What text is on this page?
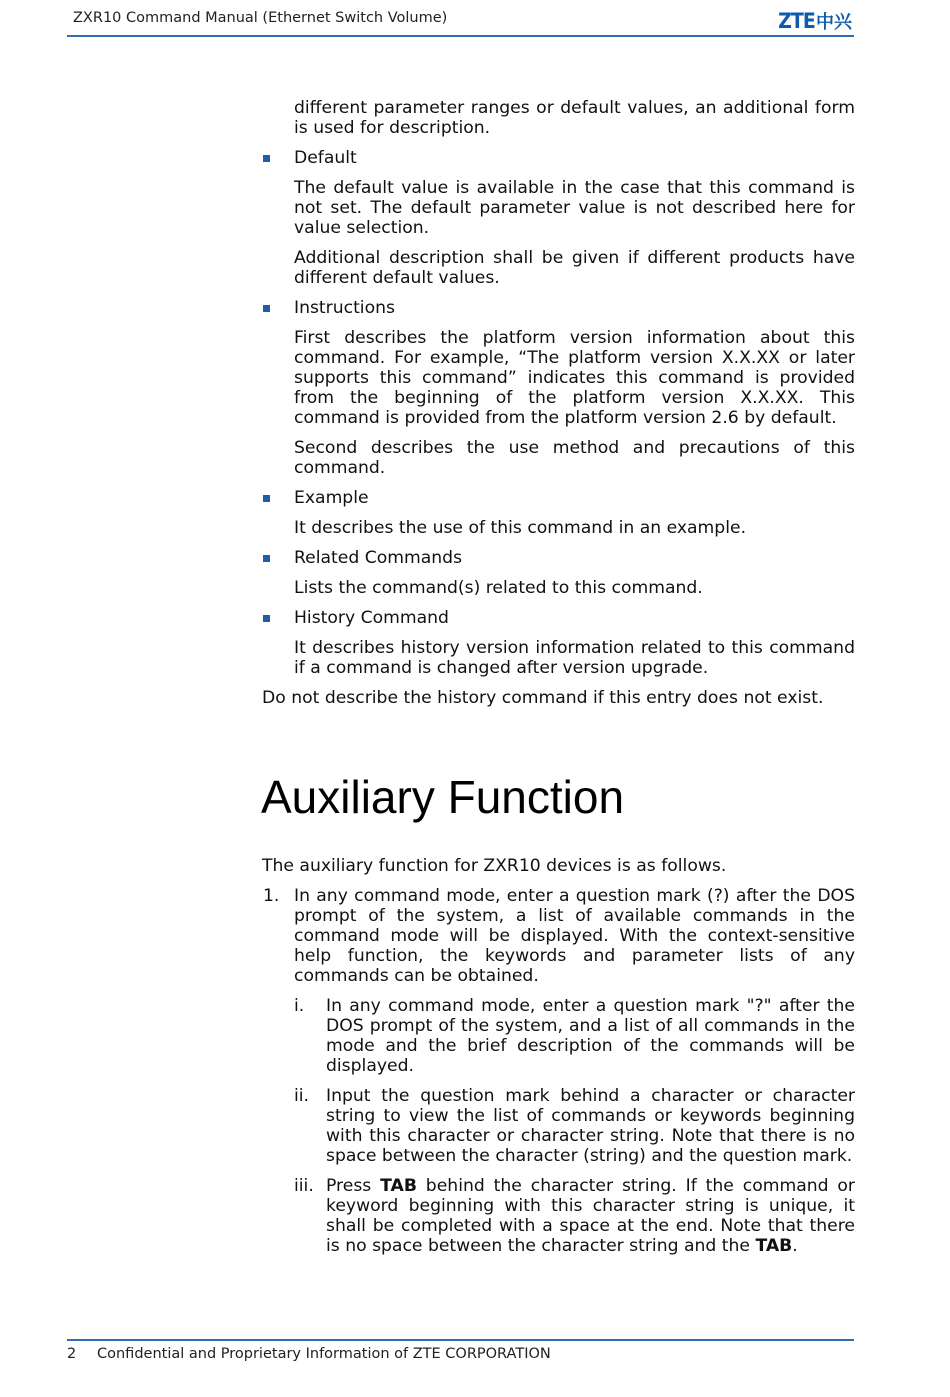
ZXR10 Command Manual (Ethernet Switch Volume)	ZTE 中兴

different parameter ranges or default values, an additional form is used for description.

Default

The default value is available in the case that this command is not set. The default parameter value is not described here for value selection.

Additional description shall be given if different products have different default values.

Instructions

First describes the platform version information about this command. For example, “The platform version X.X.XX or later supports this command” indicates this command is provided from the beginning of the platform version X.X.XX. This command is provided from the platform version 2.6 by default.

Second describes the use method and precautions of this command.

Example

It describes the use of this command in an example.

Related Commands

Lists the command(s) related to this command.

History Command

It describes history version information related to this command if a command is changed after version upgrade.

Do not describe the history command if this entry does not exist.

Auxiliary Function

The auxiliary function for ZXR10 devices is as follows.

1. In any command mode, enter a question mark (?) after the DOS prompt of the system, a list of available commands in the command mode will be displayed. With the context-sensitive help function, the keywords and parameter lists of any commands can be obtained.
i. In any command mode, enter a question mark "?" after the DOS prompt of the system, and a list of all commands in the mode and the brief description of the commands will be displayed.
ii. Input the question mark behind a character or character string to view the list of commands or keywords beginning with this character or character string. Note that there is no space between the character (string) and the question mark.
iii. Press TAB behind the character string. If the command or keyword beginning with this character string is unique, it shall be completed with a space at the end. Note that there is no space between the character string and the TAB.
2 Confidential and Proprietary Information of ZTE CORPORATION
